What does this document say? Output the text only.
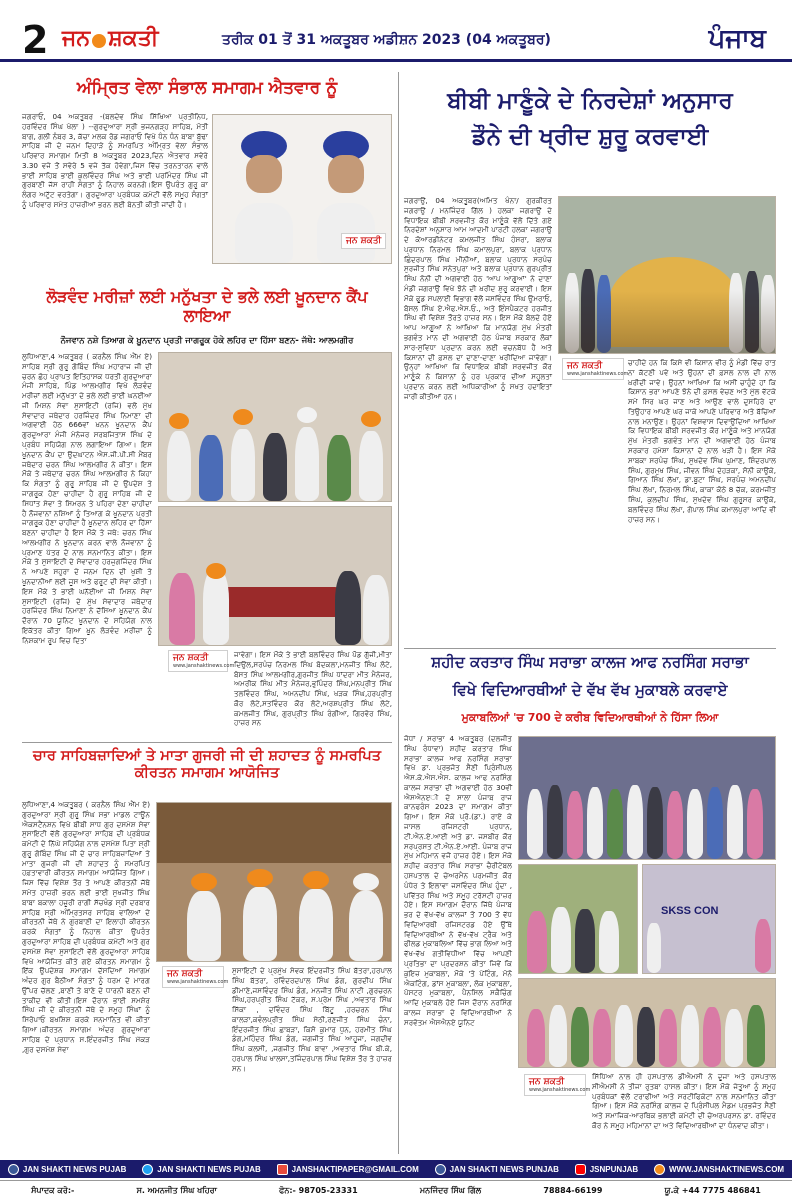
2 ਜਨ ਸ਼ਕਤੀ	ਤਰੀਕ 01 ਤੋਂ 31 ਅਕਤੂਬਰ ਅਡੀਸ਼ਨ 2023 (04 ਅਕਤੂਬਰ)	ਪੰਜਾਬ
ਅੰਮ੍ਰਿਤ ਵੇਲਾ ਸੰਭਾਲ ਸਮਾਗਮ ਐਤਵਾਰ ਨੂੰ
ਜਗਰਾਓਂ, 04 ਅਕਤੂਬਰ -(ਬਲਦੇਵ ਸਿੰਘ ਸਿੱਖਿਆ ਪ੍ਰਤੀਨਿਧ, ਹਰਵਿੰਦਰ ਸਿੰਘ ਖੇਲਾ ) --ਗੁਰਦੁਆਰਾ ਸ੍ਰੀ ਭਜਨਗੜ੍ਹ ਸਾਹਿਬ, ਮੋਤੀ ਬਾਗ, ਗਲੀ ਨੰਬਰ 3, ਕੱਚਾ ਮਲਕ ਰੋਡ ਜਗਰਾਓਂ ਵਿਖੇ ਧੰਨ ਧੰਨ ਬਾਬਾ ਬੁੱਢਾ ਸਾਹਿਬ ਜੀ ਦੇ ਜਨਮ ਦਿਹਾੜੇ ਨੂੰ ਸਮਰਪਿਤ ਅੰਮ੍ਰਿਤ ਵੇਲਾ ਸੰਭਾਲ ਪਰਿਵਾਰ ਸਮਾਗਮ ਮਿਤੀ 8 ਅਕਤੂਬਰ 2023,ਦਿਨ ਐਤਵਾਰ ਸਵੇਰੇ 3.30 ਵਜੇ ਤੋਂ ਸਵੇਰੇ 5 ਵਜੇ ਤੱਕ ਹੋਵੇਗਾ,ਜਿਸ ਵਿੱਚ ਤਰਨਤਾਰਨ ਵਾਲੇ ਭਾਈ ਸਾਹਿਬ ਭਾਈ ਕੁਲਵਿੰਦਰ ਸਿੰਘ ਅਤੇ ਭਾਈ ਪਰਮਿੰਦਰ ਸਿੰਘ ਜੀ ਗੁਰਬਾਣੀ ਜੱਸ ਰਾਹੀਂ ਸੰਗਤਾਂ ਨੂੰ ਨਿਹਾਲ ਕਰਨਗੇ।ਇਸ ਉਪਰੰਤ ਗੁਰੂ ਕਾ ਲੰਗਰ ਅਟੁੱਟ ਵਰਤੇਗਾ। ਗੁਰਦੁਆਰਾ ਪ੍ਰਬੰਧਕ ਕਮੇਟੀ ਵੱਲੋਂ ਸਮੂਹ ਸੰਗਤਾਂ ਨੂੰ ਪਰਿਵਾਰ ਸਮੇਤ ਹਾਜ਼ਰੀਆਂ ਭਰਨ ਲਈ ਬੇਨਤੀ ਕੀਤੀ ਜਾਂਦੀ ਹੈ।
ਜਨ ਸ਼ਕਤੀ
ਬੀਬੀ ਮਾਣੂੰਕੇ ਦੇ ਨਿਰਦੇਸ਼ਾਂ ਅਨੁਸਾਰ
ਡੌਨੇ ਦੀ ਖ੍ਰੀਦ ਸ਼ੁਰੂ ਕਰਵਾਈ
ਜਗਰਾਉਂ, 04 ਅਕਤੂਬਰ(ਅਮਿਤ ਖੰਨਾ/ ਗੁਰਕੀਰਤ ਜਗਰਾਉਂ / ਮਨਜਿੰਦਰ ਗਿੱਲ ) ਹਲਕਾ ਜਗਰਾਉਂ ਦੇ ਵਿਧਾਇਕ ਬੀਬੀ ਸਰਵਜੀਤ ਕੌਰ ਮਾਣੂੰਕੇ ਵੱਲੋਂ ਦਿੱਤੇ ਗਏ ਨਿਰਦੇਸ਼ਾਂ ਅਨੁਸਾਰ ਆਮ ਆਦਮੀ ਪਾਰਟੀ ਹਲਕਾ ਜਗਰਾਉਂ ਦੇ ਕੋਆਰਡੀਨੇਟਰ ਕਮਲਜੀਤ ਸਿੰਘ ਹੰਸਰਾ, ਬਲਾਕ ਪ੍ਰਧਾਨ ਨਿਰਮਲ ਸਿੰਘ ਕਮਾਲਪੁਰਾ, ਬਲਾਕ ਪ੍ਰਧਾਨ ਛਿੰਦਰਪਾਲ ਸਿੰਘ ਮੀਨੀਆਂ, ਬਲਾਕ ਪ੍ਰਧਾਨ ਸਰਪੰਚ ਸੁਰਜੀਤ ਸਿੰਘ ਸਨੇਤਪੁਰਾ ਅਤੇ ਬਲਾਕ ਪ੍ਰਧਾਨ ਗੁਰਪ੍ਰੀਤ ਸਿੰਘ ਨੋਨੀ ਦੀ ਅਗਵਾਈ ਹੇਠ 'ਆਪ ਆਗੂਆਂ' ਨੇ ਦਾਣਾ ਮੰਡੀ ਜਗਰਾਉਂ ਵਿਖੇ ਝੋਨੇ ਦੀ ਖ਼ਰੀਦ ਸ਼ੁਰੂ ਕਰਵਾਈ। ਇਸ ਮੌਕੇ ਫੂਡ ਸਪਲਾਈ ਵਿਭਾਗ ਵੱਲੋਂ ਜਸਵਿੰਦਰ ਸਿੰਘ ਉਮਰਾਓ, ਬੋਸਲ ਸਿੰਘ ਏ.ਐਫ.ਐਸ.ਓ., ਅਤੇ ਇੰਸਪੈਕਟਰ ਹਰਜੀਤ ਸਿੰਘ ਵੀ ਵਿਸ਼ੇਸ਼ ਤੌਰਤੇ ਹਾਜ਼ਰ ਸਨ। ਇਸ ਮੌਕੇ ਬੋਲਦੇ ਹੋਏ ਆਪ ਆਗੂਆਂ ਨੇ ਆਖਿਆ ਕਿ ਮਾਨਯੋਗ ਮੁੱਖ ਮੰਤਰੀ ਭਗਵੰਤ ਮਾਨ ਦੀ ਅਗਵਾਈ ਹੇਠ ਪੰਜਾਬ ਸਰਕਾਰ ਲੋਕਾਂ ਸਾਰ-ਸੁਵਿਧਾ ਪ੍ਰਦਾਨ ਕਰਨ ਲਈ ਵਚਨਬੱਧ ਹੈ ਅਤੇ ਕਿਸਾਨਾਂ ਦੀ ਫ਼ਸਲ ਦਾ ਦਾਣਾ-ਦਾਣਾ ਖਰੀਦਿਆ ਜਾਵੇਗਾ। ਉਨ੍ਹਾਂ ਆਖਿਆ ਕਿ ਵਿਧਾਇਕ ਬੀਬੀ ਸਰਵਜੀਤ ਕੌਰ ਮਾਣੂੰਕੇ ਨੇ ਕਿਸਾਨਾਂ ਨੂੰ ਹਰ ਪ੍ਰਕਾਰ ਦੀਆਂ ਸਹੂਲਤਾਂ ਪ੍ਰਦਾਨ ਕਰਨ ਲਈ ਅਧਿਕਾਰੀਆਂ ਨੂੰ ਸਖਤ ਹਦਾਇਤਾਂ ਜਾਰੀ ਕੀਤੀਆਂ ਹਨ।
ਜਨ ਸ਼ਕਤੀ
www.janshaktinews.com
ਚਾਹੀਦੇ ਹਨ ਕਿ ਕਿਸੇ ਵੀ ਕਿਸਾਨ ਵੀਰ ਨੂੰ ਮੰਡੀ ਵਿੱਚ ਰਾਤ ਨਾ ਕੱਟਣੀ ਪਵੇ ਅਤੇ ਉਹਨਾਂ ਦੀ ਫ਼ਸਲ ਨਾਲ ਦੀ ਨਾਲ ਖ਼ਰੀਦੀ ਜਾਵੇ। ਉਹਨਾਂ ਆਖਿਆ ਕਿ ਅਸੀਂ ਚਾਹੁੰਦੇ ਹਾਂ ਕਿ ਕਿਸਾਨ ਭਰਾ ਆਪਣੇ ਝੋਨੇ ਦੀ ਫ਼ਸਲ ਵੇਚਣ ਅਤੇ ਮੁੱਲ ਵੱਟਕੇ ਸਮੇਂ ਸਿਰ ਘਰ ਜਾਣ ਅਤੇ ਆਉਣ ਵਾਲੇ ਦੁਸਹਿਰੇ ਦਾ ਤਿਉਹਾਰ ਆਪਣੇ ਘਰ ਜਾਕੇ ਆਪਣੇ ਪਰਿਵਾਰ ਅਤੇ ਬੱਚਿਆਂ ਨਾਲ ਮਨਾਉਣ। ਉਹਨਾਂ ਵਿਸ਼ਵਾਸ ਦਿਵਾਉਂਦਿਆਂ ਆਖਿਆ ਕਿ ਵਿਧਾਇਕ ਬੀਬੀ ਸਰਵਜੀਤ ਕੌਰ ਮਾਣੂੰਕੇ ਅਤੇ ਮਾਨਯੋਗ ਮੁੱਖ ਮੰਤਰੀ ਭਗਵੰਤ ਮਾਨ ਦੀ ਅਗਵਾਈ ਹੇਠ ਪੰਜਾਬ ਸਰਕਾਰ ਹਮੇਸ਼ਾ ਕਿਸਾਨਾਂ ਦੇ ਨਾਲ ਖੜੀ ਹੈ। ਇਸ ਮੌਕੇ ਸਾਬਕਾ ਸਰਪੰਚ ਸਿੰਘ, ਸੁਖਦੇਵ ਸਿੰਘ ਘੁਮਾਣ, ਸ਼ਿੰਦਰਪਾਲ ਸਿੰਘ, ਗੁਰਮੁਖ ਸਿੰਘ, ਜੀਵਨ ਸਿੰਘ ਦੇਹੜਕਾ, ਸੋਨੀ ਕਾਉਂਕੇ, ਗਿਆਨ ਸਿੰਘ ਲੱਖਾ, ਡਾ.ਬੂਟਾ ਸਿੰਘ, ਸਰਪੰਚ ਅਮਨਦੀਪ ਸਿੰਘ ਲੱਖਾ, ਨਿਰਮਲ ਸਿੰਘ, ਕਾਕਾ ਕੋਠੇ 8 ਚੱਕ, ਕਰਮਜੀਤ ਸਿੰਘ, ਕੁਲਦੀਪ ਸਿੰਘ, ਸੁਖਦੇਵ ਸਿੰਘ ਗੁਰੂਸਰ ਕਾਉਂਕੇ, ਬਲਵਿੰਦਰ ਸਿੰਘ ਲੱਖਾ, ਗੋਪਾਲ ਸਿੰਘ ਕਮਾਲਪੁਰਾ ਆਦਿ ਵੀ ਹਾਜ਼ਰ ਸਨ।
ਲੋੜਵੰਦ ਮਰੀਜ਼ਾਂ ਲਈ ਮਨੁੱਖਤਾ ਦੇ ਭਲੇ ਲਈ ਖ਼ੂਨਦਾਨ ਕੈਂਪ ਲਾਇਆ
ਨੌਜਵਾਨ ਨਸ਼ੇ ਤਿਆਗ ਕੇ ਖ਼ੂਨਦਾਨ ਪ੍ਰਤੀ ਜਾਗਰੂਕ ਹੋਕੇ ਲਹਿਰ ਦਾ ਹਿੱਸਾ ਬਣਨ- ਜੱਥੇ: ਆਲਮਗੀਰ
ਲੁਧਿਆਣਾ,4 ਅਕਤੂਬਰ ( ਕਰਨੈਲ ਸਿੰਘ ਐੱਮ ਏ) ਸਾਹਿਬ ਸ੍ਰੀ ਗੁਰੂ ਗੋਬਿੰਦ ਸਿੰਘ ਮਹਾਰਾਜ ਜੀ ਦੀ ਚਰਨ ਛੋਹ ਪ੍ਰਾਪਤ ਇਤਿਹਾਸਕ ਧਰਤੀ ਗੁਰਦੁਆਰਾ ਮੰਜੀ ਸਾਹਿਬ, ਪਿੰਡ ਆਲਮਗੀਰ ਵਿਖੇ ਲੋੜਵੰਦ ਮਰੀਜ਼ਾਂ ਲਈ ਮਨੁੱਖਤਾ ਦੇ ਭਲੇ ਲਈ ਭਾਈ ਘਨਈਆ ਜੀ ਮਿਸ਼ਨ ਸੇਵਾ ਸੁਸਾਇਟੀ (ਰਜਿ) ਵਲੋਂ ਮੁੱਖ ਸੇਵਾਦਾਰ ਜਥੇਦਾਰ ਹਰਜਿੰਦਰ ਸਿੰਘ ਨਿਮਾਣਾ ਦੀ ਅਗਵਾਈ ਹੇਠ 666ਵਾਂ ਖ਼ਨਨ ਖੂਨਦਾਨ ਕੈਂਪ ਗੁਰਦੁਆਰਾ ਮੰਜੀ ਮੇਨੇਜਰ ਸਰਬਜਿਤਾਸ ਸਿੰਘ ਦੇ ਪ੍ਰਬੰਧ ਸਹਿਯੋਗ ਨਾਲ ਲਗਾਇਆ ਗਿਆ। ਇਸ ਖੂਨਦਾਨ ਕੈਂਪ ਦਾ ਉਦਘਾਟਨ ਐਸ.ਜੀ.ਪੀ.ਸੀ ਮੈਂਬਰ ਜਥੇਦਾਰ ਚਰਨ ਸਿੰਘ ਆਲਮਗੀਰ ਨੇ ਕੀਤਾ। ਇਸ ਮੌਕੇ ਤੇ ਜਥੇਦਾਰ ਚਰਨ ਸਿੰਘ ਆਲਮਗੀਰ ਨੇ ਕਿਹਾ ਕਿ ਸੰਗਤਾਂ ਨੂੰ ਗੁਰੂ ਸਾਹਿਬ ਜੀ ਦੇ ਉਪਦੇਸ਼ ਤੇ ਜਾਗਰੂਕ ਹੋਣਾ ਚਾਹੀਦਾ ਹੈ ਗੁਰੂ ਸਾਹਿਬ ਜੀ ਦੇ ਸਿਧਾਂਤ ਸੇਵਾ ਤੇ ਸਿਮਰਨ ਤੇ ਪਹਿਰਾ ਦੇਣਾ ਚਾਹੀਦਾ ਹੈ ਨੌਜਵਾਨਾਂ ਨਸ਼ਿਆਂ ਨੂੰ ਤਿਆਗ ਕੇ ਖੂਨਦਾਨ ਪ੍ਰਤੀ ਜਾਗਰੂਕ ਹੋਣਾ ਚਾਹੀਦਾ ਹੈ ਖ਼ੂਨਦਾਨ ਲਹਿਰ ਦਾ ਹਿੱਸਾ ਬਣਨਾ ਚਾਹੀਦਾ ਹੈ ਇਸ ਮੌਕੇ ਤੇ ਜਥੇ: ਚਰਨ ਸਿੰਘ ਆਲਮਗੀਰ ਨੇ ਖੂਨਦਾਨ ਕਰਨ ਵਾਲੇ ਨੌਜਵਾਨਾਂ ਨੂੰ ਪ੍ਰਮਾਣ ਪੱਤਰ ਦੇ ਨਾਲ ਸਨਮਾਨਿਤ ਕੀਤਾ। ਇਸ ਮੌਕੇ ਤੇ ਸੁਸਾਇਟੀ ਦੇ ਸੇਵਾਦਾਰ ਹਰਜੁਗਜਿੰਦਰ ਸਿੰਘ ਨੇ ਆਪਣੇ ਸਹੁਰਾ ਦੇ ਜਨਮ ਦਿਨ ਦੀ ਖੁਸ਼ੀ ਤੇ ਖੂਨਦਾਨੀਆਂ ਲਈ ਜੂਸ ਅਤੇ ਫਰੂਟ ਦੀ ਸੇਵਾ ਕੀਤੀ।ਇਸ ਮੌਕੇ ਤੇ ਭਾਈ ਘਨੱਈਆ ਜੀ ਮਿਸ਼ਨ ਸੇਵਾ ਸੁਸਾਇਟੀ (ਰਜਿ) ਦੇ ਮੁੱਖ ਸੇਵਾਦਾਰ ਜਥੇਦਾਰ ਹਰਜਿੰਦਰ ਸਿੰਘ ਨਿਮਾਣਾ ਨੇ ਦੱਸਿਆ ਖ਼ੂਨਦਾਨ ਕੈਂਪ ਦੌਰਾਨ 70 ਯੂਨਿਟ ਖੂਨਦਾਨ ਦੇ ਸਹਿਯੋਗ ਨਾਲ ਇਕੱਤਰ ਕੀਤਾ ਗਿਆ ਖ਼ੂਨ ਲੋੜਵੰਦ ਮਰੀਜ਼ਾਂ ਨੂੰ ਨਿਸ਼ਕਾਮ ਰੂਪ ਵਿਚ ਦਿਤਾ
ਜਨ ਸ਼ਕਤੀ
www.janshaktinews.com
ਜਾਵੇਗਾ। ਇਸ ਮੌਕੇ ਤੇ ਭਾਈ ਬਲਵਿੰਦਰ ਸਿੰਘ ਪੌਡ ਗੁੱਜੀ,ਮੀਤਾ ਦਿਉਲ,ਸਰਪੰਚ ਨਿਰਮਲ ਸਿੰਘ ਬੋਦਕਲਾ,ਮਨਜੀਤ ਸਿੰਘ ਲੋਟੇ, ਬੋਸਤ ਸਿੰਘ ਆਲਮਗੀਰ,ਗੁਰਜੀਤ ਸਿੰਘ ਧਾਂਦਰਾ ਮੀਤ ਮੈਨੇਜਰ, ਅਮਰੀਕ ਸਿੰਘ ਮੀਤ ਮੈਨੇਜਰ,ਭੁਪਿੰਦਰ ਸਿੰਘ,ਮਨਪ੍ਰੀਤ ਸਿੰਘ ਤਲਵਿੰਦਰ ਸਿੰਘ, ਅਮਨਦੀਪ ਸਿੰਘ, ਖੜਕ ਸਿੰਘ,ਹਰਪ੍ਰੀਤ ਕੌਰ ਲੋਟੇ,ਸਤਵਿੰਦਰ ਕੌਰ ਲੋਟੇ,ਅਰਸ਼ਪ੍ਰੀਤ ਸਿੰਘ ਲੋਟੇ, ਕਮਲਜੀਤ ਸਿੰਘ, ਗੁਰਪ੍ਰੀਤ ਸਿੰਘ ਰੰਗੀਆ, ਗਿਰਵੋਰ ਸਿੰਘ, ਹਾਜ਼ਰ ਸਨ
ਸ਼ਹੀਦ ਕਰਤਾਰ ਸਿੰਘ ਸਰਾਭਾ ਕਾਲਜ ਆਫ ਨਰਸਿੰਗ ਸਰਾਭਾ
ਵਿਖੇ ਵਿਦਿਆਰਥੀਆਂ ਦੇ ਵੱਖ ਵੱਖ ਮੁਕਾਬਲੇ ਕਰਵਾਏ
ਮੁਕਾਬਲਿਆਂ 'ਚ 700 ਦੇ ਕਰੀਬ ਵਿਦਿਆਰਥੀਆਂ ਨੇ ਹਿੱਸਾ ਲਿਆ
ਜੋਧਾਂ / ਸਰਾਭਾ 4 ਅਕਤੂਬਰ (ਦਲਜੀਤ ਸਿੰਘ ਰੰਧਾਵਾ) ਸ਼ਹੀਦ ਕਰਤਾਰ ਸਿੰਘ ਸਰਾਭਾ ਕਾਲਜ ਆਫ ਨਰਸਿੰਗ ਸਰਾਭਾ ਵਿਖੇ ਡਾ. ਪ੍ਰਭਜੋਤ ਸੈਣੀ ਪ੍ਰਿੰਸੀਪਲ ਐਸ.ਕੇ.ਐਸ.ਐਸ. ਕਾਲਜ ਆਫ ਨਰਸਿੰਗ ਕਾਲਜ ਸਰਾਭਾ ਦੀ ਅਗਵਾਈ ਹੇਠ 30ਵੀਂ ਐਸਐਨੲੀ ਦੇ ਸਾਲਾ ਪੰਜਾਬ ਰਾਜ ਕਾਨਫਰੰਸ 2023 ਦਾ ਸਮਾਗਮ ਕੀਤਾ ਗਿਆ। ਇਸ ਮੌਕੇ ਪ੍ਰੋ.(ਡਾ.) ਰਾਏ ਕੇ ਜਾਸਲ ਰਜਿਸਟਰੀ ਪ੍ਰਧਾਨ, ਟੀ.ਐਨ.ਏ.ਆਈ ਅਤੇ ਡਾ. ਜਸਬੀਰ ਕੌਰ ਸਰਪ੍ਰਸਤ ਟੀ.ਐਨ.ਏ.ਆਈ. ਪੰਜਾਬ ਰਾਜ ਮੁੱਖ ਮਹਿਮਾਨ ਵਜੋਂ ਹਾਜ਼ਰ ਹੋਏ। ਇਸ ਮੌਕੇ ਸ਼ਹੀਦ ਕਰਤਾਰ ਸਿੰਘ ਸਰਾਭਾ ਚੈਰੀਟੇਬਲ ਹਸਪਤਾਲ ਦੇ ਚੇਅਰਮੈਨ ਪਰਮਜੀਤ ਕੌਰ ਪੰਧੇਰ ਤੇ ਇਲਾਵਾ ਜਸਵਿੰਦਰ ਸਿੰਘ ਹੁੰਦਾ , ਪਵਿੱਤਰ ਸਿੰਘ ਅਤੇ ਸਮੂਹ ਟਰੱਸਟੀ ਹਾਜ਼ਰ ਹੋਏ। ਇਸ ਸਮਾਗਮ ਦੌਰਾਨ ਜਿੱਥੇ ਪੰਜਾਬ ਭਰ ਦੇ ਵੱਖ-ਵੱਖ ਕਾਲਜਾਂ ਤੋਂ 700 ਤੋਂ ਵੱਧ ਵਿਦਿਆਰਥੀ ਰਜਿਸਟਰਡ ਹੋਏ ਉੱਥੇ ਵਿਦਿਆਰਥੀਆਂ ਨੇ ਵੱਖ-ਵੱਖ ਟ੍ਰੈਕ ਅਤੇ ਫੀਲਡ ਮੁਕਾਬਲਿਆਂ ਵਿੱਚ ਭਾਗ ਲਿਆ ਅਤੇ ਵੱਖ-ਵੱਖ ਗਤੀਵਿਧੀਆਂ ਵਿੱਚ ਆਪਣੀ ਪ੍ਰਤਿਭਾ ਦਾ ਪ੍ਰਦਰਸ਼ਨ ਕੀਤਾ ਜਿਵੇਂ ਕਿ ਕੁਇਜ਼ ਮੁਕਾਬਲਾ, ਮੌਕੇ 'ਤੇ ਪੇਂਟਿੰਗ, ਮੋਨੋ ਐਕਟਿੰਗ, ਡਾਂਸ ਮੁਕਾਬਲਾ, ਲੋਕ ਮੁਕਾਬਲਾ, ਪੋਸਟਰ ਮੁਕਾਬਲਾ, ਪੈਨਸਿਲ ਸਕੈਚਿੰਗ ਆਦਿ ਮੁਕਾਬਲੇ ਹੋਏ ਜਿਸ ਦੌਰਾਨ ਨਰਸਿੰਗ ਕਾਲਜ ਸਰਾਭਾ ਦੇ ਵਿਦਿਆਰਥੀਆਂ ਨੇ ਸਰਵੋਤਮ ਐਸਐਨਏ ਯੂਨਿਟ
SKSS CON
ਜਨ ਸ਼ਕਤੀ
www.janshaktinews.com
ਸਿੱਧਿਆ ਨਾਲ ਹੀ ਹਸਪਤਾਲ ਡੀਐਮਸੀ ਨੇ ਦੂਜਾ ਅਤੇ ਹਸਪਤਾਲ ਸੀਐਮਸੀ ਨੇ ਤੀਜਾ ਰੁਤਬਾ ਹਾਸਲ ਕੀਤਾ। ਇਸ ਮੌਕੇ ਜੇਤੂਆਂ ਨੂੰ ਸਮੂਹ ਪ੍ਰਬੰਧਕਾਂ ਵੱਲੋਂ ਟਰਾਫੀਆਂ ਅਤੇ ਸਰਟੀਫਿਕੇਟਾਂ ਨਾਲ ਸਨਮਾਨਿਤ ਕੀਤਾ ਗਿਆ। ਇਸ ਮੌਕੇ ਨਰਸਿੰਗ ਕਾਲਜ ਦੇ ਪ੍ਰਿੰਸੀਪਲ ਮੈਡਮ ਪ੍ਰਭਜੋਤ ਸੈਣੀ ਅਤੇ ਸਮਾਜਿਕ-ਆਰਥਿਕ ਭਲਾਈ ਕਮੇਟੀ ਦੀ ਚੇਅਰਪਰਸਨ ਡਾ. ਰਵਿੰਦਰ ਕੌਰ ਨੇ ਸਮੂਹ ਮਹਿਮਾਨਾਂ ਦਾ ਅਤੇ ਵਿਦਿਆਰਥੀਆਂ ਦਾ ਧੰਨਵਾਦ ਕੀਤਾ।
ਚਾਰ ਸਾਹਿਬਜ਼ਾਦਿਆਂ ਤੇ ਮਾਤਾ ਗੁਜਰੀ ਜੀ ਦੀ ਸ਼ਹਾਦਤ ਨੂੰ ਸਮਰਪਿਤ ਕੀਰਤਨ ਸਮਾਗਮ ਆਯੋਜਿਤ
ਲੁਧਿਆਣਾ,4 ਅਕਤੂਬਰ ( ਕਰਨੈਲ ਸਿੰਘ ਐੱਮ ਏ) ਗੁਰਦੁਆਰਾ ਸ੍ਰੀ ਗੁਰੂ ਸਿੰਘ ਸਭਾ ਮਾਡਲ ਟਾਊਨ ਐਕਸਟੈਂਨਸ਼ਨ ਵਿਖੇ ਬੀਬੀ ਸਾਧ ਗੁਰ ਦਸਮੇਸ਼ ਸੇਵਾ ਸੁਸਾਇਟੀ ਵੱਲੋਂ ਗੁਰਦੁਆਰਾ ਸਾਹਿਬ ਦੀ ਪ੍ਰਬੰਧਕ ਕਮੇਟੀ ਦੇ ਨਿੱਘੇ ਸਹਿਯੋਗ ਨਾਲ ਦਸਮੇਸ਼ ਪਿਤਾ ਸ਼੍ਰੀ ਗੁਰੂ ਗੋਬਿੰਦ ਸਿੰਘ ਜੀ ਦੇ ਚਾਰ ਸਾਹਿਬਜ਼ਾਦਿਆਂ ਤੇ ਮਾਤਾ ਗੁਜਰੀ ਜੀ ਦੀ ਸ਼ਹਾਦਤ ਨੂੰ ਸਮਰਪਿਤ ਹਫ਼ਤਾਵਾਰੀ ਕੀਰਤਨ ਸਮਾਗਮ ਆਯੋਜਿਤ ਗਿਆ।ਜਿਸ ਵਿੱਚ ਵਿਸ਼ੇਸ਼ ਤੌਰ ਤੇ ਆਪਣੇ ਕੀਰਤਨੀ ਜੱਥੇ ਸਮੇਤ ਹਾਜ਼ਰੀ ਭਰਨ ਲਈ ਭਾਈ ਸੁਖਜੀਤ ਸਿੰਘ ਬਾਬਾ ਬਕਾਲਾ ਹਜ਼ੂਰੀ ਰਾਗੀ ਸੱਚਖੰਡ ਸ੍ਰੀ ਦਰਬਾਰ ਸਾਹਿਬ ਸ੍ਰੀ ਅੰਮ੍ਰਿਤਸਰ ਸਾਹਿਬ ਵਾਲਿਆਂ ਦੇ ਕੀਰਤਨੀ ਜੱਥੇ ਨੇ ਗੁਰਬਾਣੀ ਦਾ ਇਲਾਹੀ ਕੀਰਤਨ ਕਰਕੇ ਸੰਗਤਾਂ ਨੂੰ ਨਿਹਾਲ ਕੀਤਾ ਉਪਰੰਤ ਗੁਰਦੁਆਰਾ ਸਾਹਿਬ ਦੀ ਪ੍ਰਬੰਧਕ ਕਮੇਟੀ ਅਤੇ ਗੁਰ ਦਸਮੇਸ਼ ਸੇਵਾ ਸੁਸਾਇਟੀ ਵੱਲੋਂ ਗੁਰਦੁਆਰਾ ਸਾਹਿਬ ਵਿਖੇ ਆਯੋਜਿਤ ਕੀਤੇ ਗਏ ਕੀਰਤਨ ਸਮਾਗਮ ਨੂੰ ਇੱਕ ਉਪਦੇਸ਼ਕ ਸਮਾਗਮ ਦੱਸਦਿਆਂ ਸਮਾਗਮ ਅੰਦਰ ਗੁਰ ਬੈਠੀਆਂ ਸੰਗਤਾਂ ਨੂੰ ਧਰਮ ਦੇ ਮਾਰਗ ਉੱਪਰ ਚੱਲਣ ,ਬਾਣੀ ਤੇ ਬਾਣੇ ਦੇ ਧਾਰਨੀ ਬਣਨ ਦੀ ਤਾਕੀਦ ਵੀ ਕੀਤੀ।ਇਸ ਦੌਰਾਨ ਭਾਈ ਸਮਸ਼ੇਰ ਸਿੰਘ ਜੀ ਦੇ ਕੀਰਤਨੀ ਜੱਥੇ ਦੇ ਸਮੂਹ ਸਿੰਘਾਂ ਨੂੰ ਸਿਰੋਪਾਓ ਬਖਸ਼ਿਸ਼ ਕਰਕੇ ਸਨਮਾਨਿਤ ਵੀ ਕੀਤਾ ਗਿਆ।ਕੀਰਤਨ ਸਮਾਗਮ ਅੰਦਰ ਗੁਰਦੁਆਰਾ ਸਾਹਿਬ ਦੇ ਪ੍ਰਧਾਨ ਸ.ਇੰਦਰਜੀਤ ਸਿੰਘ ਮੱਕੜ ,ਗੁਰ ਦਸਮੇਸ਼ ਸੇਵਾ
ਜਨ ਸ਼ਕਤੀ
www.janshaktinews.com
ਸੁਸਾਇਟੀ ਦੇ ਪ੍ਰਮੁੱਖ ਸੇਵਕ ਇੰਦਰਜੀਤ ਸਿੰਘ ਬੱਤਰਾ,ਹਰਪਾਲ ਸਿੰਘ ਬੱਤਰਾ, ਰਵਿੰਦਰਦਪਾਲ ਸਿੰਘ ਡੰਗ, ਗੁਰਦੀਪ ਸਿੰਘ ਡੀਮਾਣੇ,ਜਸਵਿੰਦਰ ਸਿੰਘ ਡੰਗ, ਮਨਜੀਤ ਸਿੰਘ ਨਾਟੀ ,ਗੁਰਚਰਨ ਸਿੰਘ,ਹਰਪ੍ਰੀਤ ਸਿੰਘ ਟੱਕਰ, ਸ.ਪ੍ਰੇਮ ਸਿੰਘ ,ਅਵਤਾਰ ਸਿੰਘ ਸਿੱਕਾ , ਦਵਿੰਦਰ ਸਿੰਘ ਬਿੱਟੂ ,ਹਰਚਰਨ ਸਿੰਘ ਕਾਲੜਾ,ਕਵੰਲਪ੍ਰੀਤ ਸਿੰਘ ਸੇਠੀ,ਰਣਜੀਤ ਸਿੰਘ ਚੰਨਾ, ਇੰਦਰਜੀਤ ਸਿੰਘ ਛਾਬੜਾ, ਕਿਸੋ ਕੁਮਾਰ ਧੁਨ, ਹਰਮੀਤ ਸਿੰਘ ਡੰਗ,ਮਹਿੰਦਰ ਸਿੰਘ ਡੰਗ, ਜਗਜੀਤ ਸਿੰਘ ਆਹੂਜਾ, ਜਗਦੀਵ ਸਿੰਘ ਕਲਸੀ, ,ਜਗਜੀਤ ਸਿੰਘ ਬਾਵਾ ,ਅਵਤਾਰ ਸਿੰਘ ਬੀ.ਕੇ, ਹਰਪਾਲ ਸਿੰਘ ਖਾਲਸਾ,ਤਜਿੰਦਰਪਾਲ ਸਿੰਘ ਵਿਸ਼ੇਸ਼ ਤੌਰ ਤੇ ਹਾਜ਼ਰ ਸਨ।
JAN SHAKTI NEWS PUJAB	JAN SHAKTI NEWS PUJAB	JANSHAKTIPAPER@GMAIL.COM	JAN SHAKTI NEWS PUNJAB	JSNPUNJAB	WWW.JANSHAKTINEWS.COM
ਸੰਪਾਦਕ ਕਰੋ:-	ਸ. ਅਮਨਜੀਤ ਸਿੰਘ ਖਹਿਰਾ	ਫੋਨ:- 98705-23331	ਮਨਜਿੰਦਰ ਸਿੰਘ ਗਿੱਲ	78884-66199	ਯੂ.ਕੇ +44 7775 486841
